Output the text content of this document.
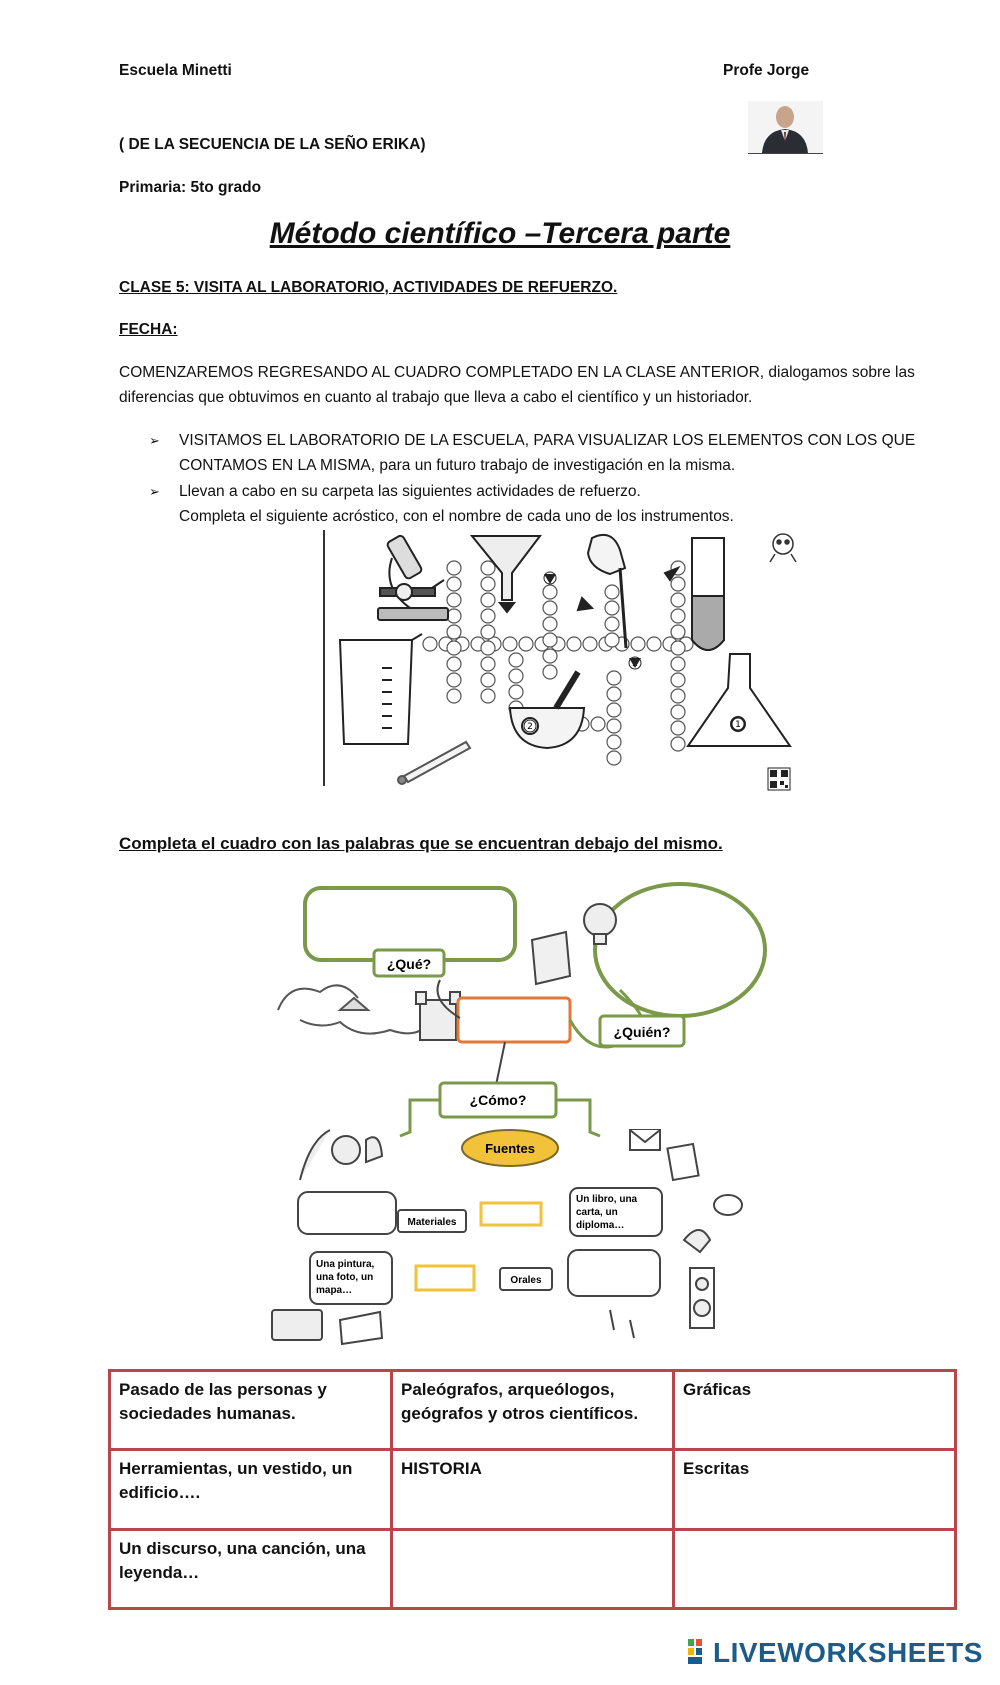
Escuela Minetti	Profe Jorge
( DE LA SECUENCIA DE LA SEÑO ERIKA)
Primaria: 5to grado
Método científico –Tercera parte
CLASE 5: VISITA AL LABORATORIO, ACTIVIDADES DE REFUERZO.
FECHA:
COMENZAREMOS REGRESANDO AL CUADRO COMPLETADO EN LA CLASE ANTERIOR, dialogamos sobre las
diferencias que obtuvimos en cuanto al trabajo que lleva a cabo el científico y un historiador.
➢ VISITAMOS EL LABORATORIO DE LA ESCUELA, PARA VISUALIZAR LOS ELEMENTOS CON LOS QUE
CONTAMOS EN LA MISMA, para un futuro trabajo de investigación en la misma.
➢ Llevan a cabo en su carpeta las siguientes actividades de refuerzo.
Completa el siguiente acróstico, con el nombre de cada uno de los instrumentos.
2	1
Completa el cuadro con las palabras que se encuentran debajo del mismo.
¿Qué?
¿Quién?
¿Cómo?
Fuentes
Materiales
Un libro, una
carta, un
diploma…
Una pintura,
una foto, un
mapa…
Orales
Pasado de las personas y sociedades humanas.	Paleógrafos, arqueólogos, geógrafos y otros científicos.	Gráficas
Herramientas, un vestido, un edificio….	HISTORIA	Escritas
Un discurso, una canción, una leyenda…		
LIVEWORKSHEETS
